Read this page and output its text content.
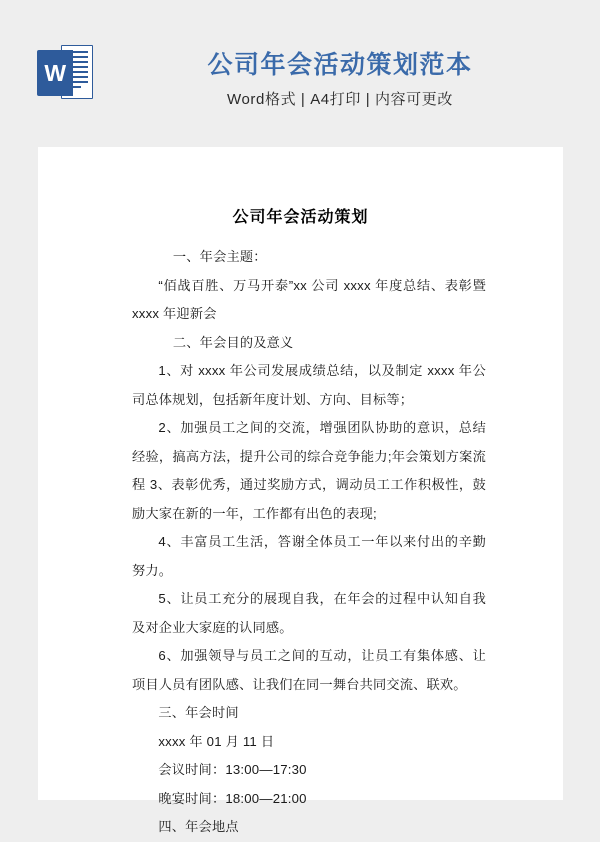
W	公司年会活动策划范本
Word格式 | A4打印 | 内容可更改
公司年会活动策划
一、年会主题：
“佰战百胜、万马开泰”xx 公司 xxxx 年度总结、表彰暨 xxxx 年迎新会
二、年会目的及意义
1、对 xxxx 年公司发展成绩总结，以及制定 xxxx 年公司总体规划，包括新年度计划、方向、目标等；
2、加强员工之间的交流，增强团队协助的意识，总结经验，搞高方法，提升公司的综合竞争能力;年会策划方案流程 3、表彰优秀，通过奖励方式，调动员工工作积极性，鼓励大家在新的一年，工作都有出色的表现;
4、丰富员工生活，答谢全体员工一年以来付出的辛勤努力。
5、让员工充分的展现自我，在年会的过程中认知自我及对企业大家庭的认同感。
6、加强领导与员工之间的互动，让员工有集体感、让项目人员有团队感、让我们在同一舞台共同交流、联欢。
三、年会时间
xxxx 年 01 月 11 日
会议时间：13:00—17:30
晚宴时间：18:00—21:00
四、年会地点
